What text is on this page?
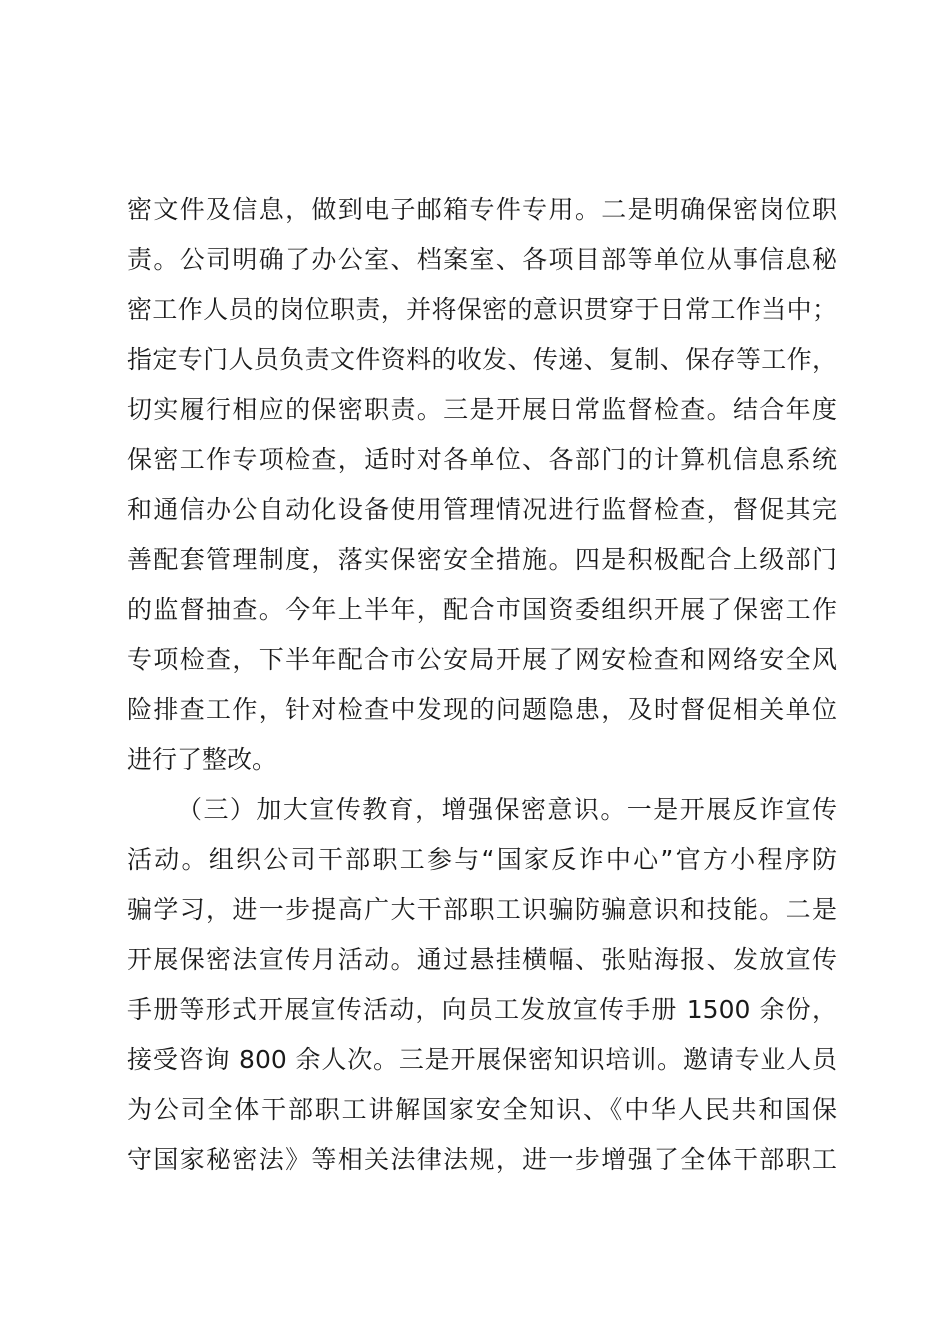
密文件及信息，做到电子邮箱专件专用。二是明确保密岗位职
责。公司明确了办公室、档案室、各项目部等单位从事信息秘
密工作人员的岗位职责，并将保密的意识贯穿于日常工作当中；
指定专门人员负责文件资料的收发、传递、复制、保存等工作，
切实履行相应的保密职责。三是开展日常监督检查。结合年度
保密工作专项检查，适时对各单位、各部门的计算机信息系统
和通信办公自动化设备使用管理情况进行监督检查，督促其完
善配套管理制度，落实保密安全措施。四是积极配合上级部门
的监督抽查。今年上半年，配合市国资委组织开展了保密工作
专项检查，下半年配合市公安局开展了网安检查和网络安全风
险排查工作，针对检查中发现的问题隐患，及时督促相关单位
进行了整改。
（三）加大宣传教育，增强保密意识。一是开展反诈宣传
活动。组织公司干部职工参与“国家反诈中心”官方小程序防
骗学习，进一步提高广大干部职工识骗防骗意识和技能。二是
开展保密法宣传月活动。通过悬挂横幅、张贴海报、发放宣传
手册等形式开展宣传活动，向员工发放宣传手册 1500 余份，
接受咨询 800 余人次。三是开展保密知识培训。邀请专业人员
为公司全体干部职工讲解国家安全知识、《中华人民共和国保
守国家秘密法》等相关法律法规，进一步增强了全体干部职工
